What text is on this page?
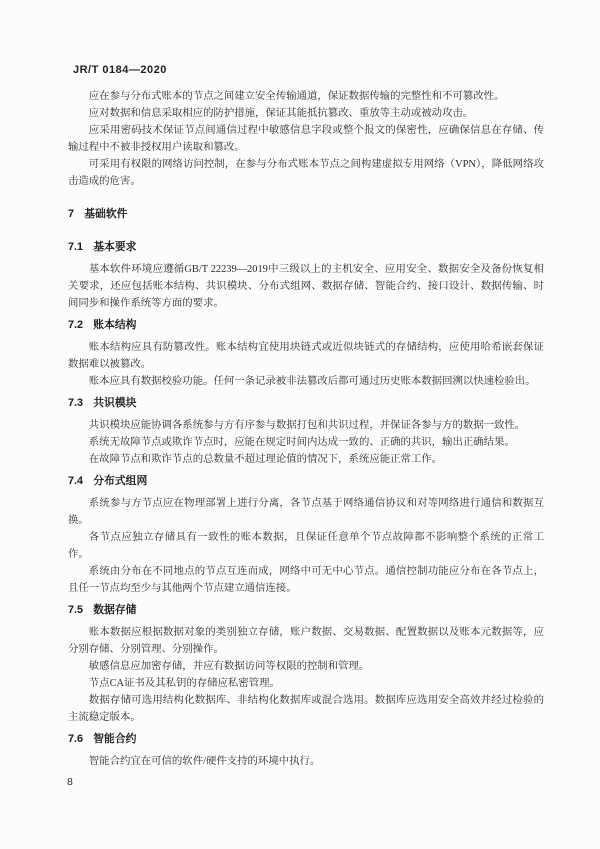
JR/T 0184—2020

应在参与分布式账本的节点之间建立安全传输通道，保证数据传输的完整性和不可篡改性。

应对数据和信息采取相应的防护措施，保证其能抵抗篡改、重放等主动或被动攻击。

应采用密码技术保证节点间通信过程中敏感信息字段或整个报文的保密性，应确保信息在存储、传输过程中不被非授权用户读取和篡改。

可采用有权限的网络访问控制，在参与分布式账本节点之间构建虚拟专用网络（VPN），降低网络攻击造成的危害。

7 基础软件
7.1 基本要求

基本软件环境应遵循GB/T 22239—2019中三级以上的主机安全、应用安全、数据安全及备份恢复相关要求，还应包括账本结构、共识模块、分布式组网、数据存储、智能合约、接口设计、数据传输、时间同步和操作系统等方面的要求。

7.2 账本结构

账本结构应具有防篡改性。账本结构宜使用块链式或近似块链式的存储结构，应使用哈希嵌套保证数据难以被篡改。

账本应具有数据校验功能。任何一条记录被非法篡改后都可通过历史账本数据回溯以快速检验出。

7.3 共识模块

共识模块应能协调各系统参与方有序参与数据打包和共识过程，并保证各参与方的数据一致性。

系统无故障节点或欺诈节点时，应能在规定时间内达成一致的、正确的共识，输出正确结果。

在故障节点和欺诈节点的总数量不超过理论值的情况下，系统应能正常工作。

7.4 分布式组网

系统参与方节点应在物理部署上进行分离，各节点基于网络通信协议和对等网络进行通信和数据互换。

各节点应独立存储具有一致性的账本数据，且保证任意单个节点故障都不影响整个系统的正常工作。

系统由分布在不同地点的节点互连而成，网络中可无中心节点。通信控制功能应分布在各节点上，且任一节点均至少与其他两个节点建立通信连接。

7.5 数据存储

账本数据应根据数据对象的类别独立存储，账户数据、交易数据、配置数据以及账本元数据等，应分别存储、分别管理、分别操作。

敏感信息应加密存储，并应有数据访问等权限的控制和管理。

节点CA证书及其私钥的存储应私密管理。

数据存储可选用结构化数据库、非结构化数据库或混合选用。数据库应选用安全高效并经过检验的主流稳定版本。

7.6 智能合约

智能合约宜在可信的软件/硬件支持的环境中执行。

8
